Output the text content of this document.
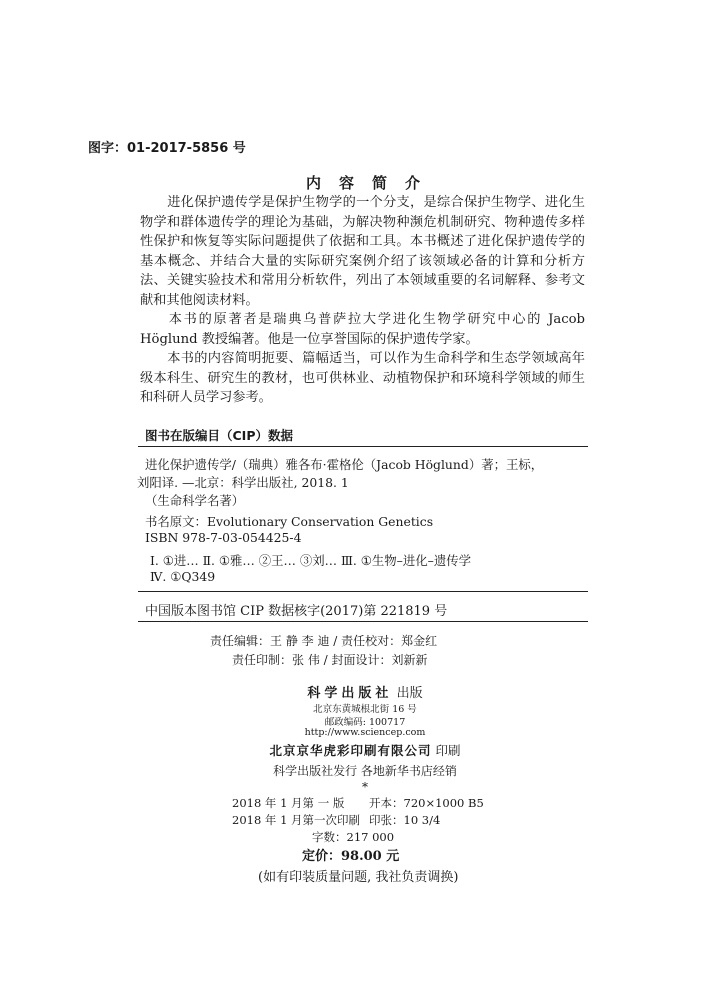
图字：01-2017-5856 号
内 容 简 介
进化保护遗传学是保护生物学的一个分支，是综合保护生物学、进化生物学和群体遗传学的理论为基础，为解决物种濒危机制研究、物种遗传多样性保护和恢复等实际问题提供了依据和工具。本书概述了进化保护遗传学的基本概念、并结合大量的实际研究案例介绍了该领域必备的计算和分析方法、关键实验技术和常用分析软件，列出了本领域重要的名词解释、参考文献和其他阅读材料。
本书的原著者是瑞典乌普萨拉大学进化生物学研究中心的 Jacob Höglund 教授编著。他是一位享誉国际的保护遗传学家。
本书的内容简明扼要、篇幅适当，可以作为生命科学和生态学领域高年级本科生、研究生的教材，也可供林业、动植物保护和环境科学领域的师生和科研人员学习参考。
图书在版编目（CIP）数据
进化保护遗传学/（瑞典）雅各布·霍格伦（Jacob Höglund）著；王标，
刘阳译. —北京：科学出版社, 2018. 1
（生命科学名著）
书名原文：Evolutionary Conservation Genetics
ISBN 978-7-03-054425-4
Ⅰ. ①进… Ⅱ. ①雅… ②王… ③刘… Ⅲ. ①生物–进化–遗传学
Ⅳ. ①Q349
中国版本图书馆 CIP 数据核字(2017)第 221819 号
责任编辑：王 静 李 迪 / 责任校对：郑金红
责任印制：张 伟 / 封面设计：刘新新
科学出版社 出版
北京东黄城根北街 16 号
邮政编码: 100717
http://www.sciencep.com
北京京华虎彩印刷有限公司 印刷
科学出版社发行 各地新华书店经销
*
2018 年 1 月第 一 版 开本：720×1000 B5
2018 年 1 月第一次印刷 印张：10 3/4
字数：217 000
定价：98.00 元
(如有印装质量问题, 我社负责调换)
